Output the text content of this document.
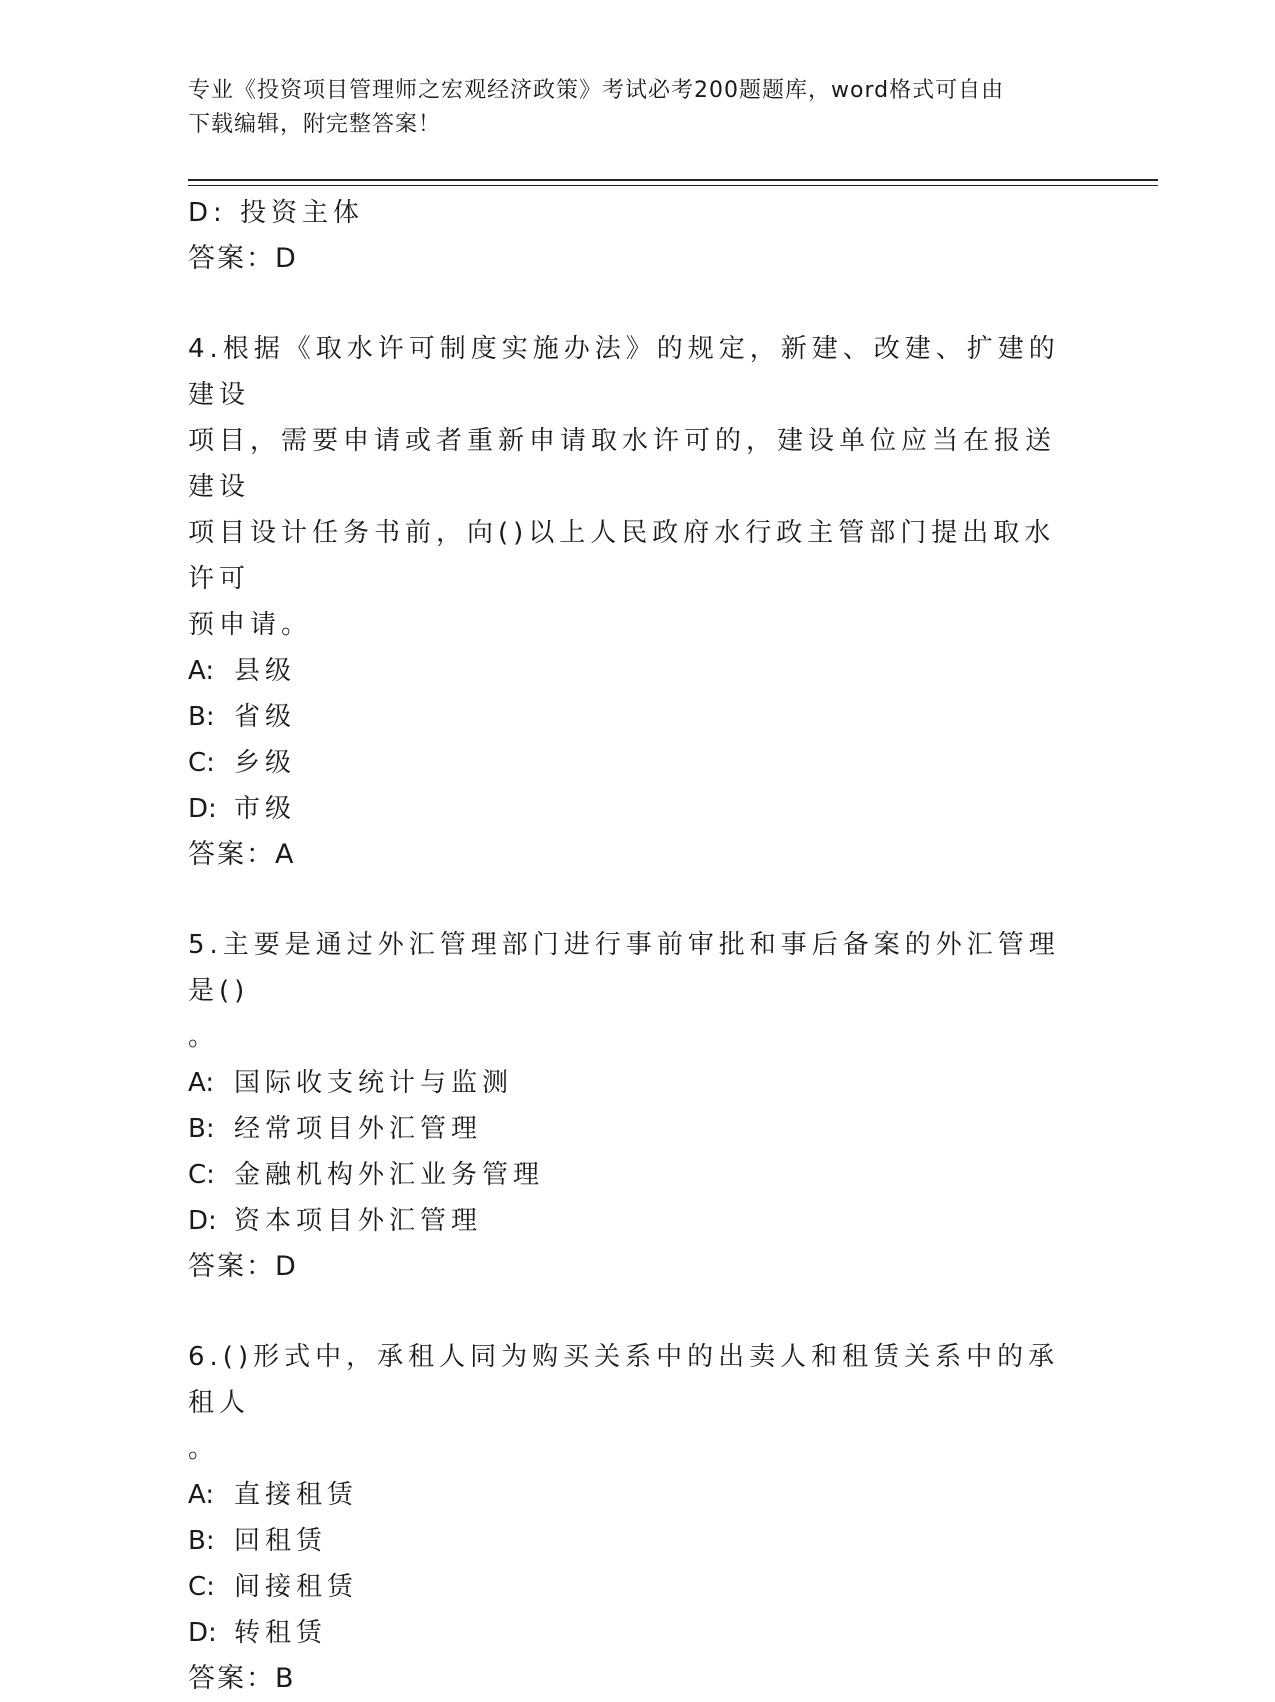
专业《投资项目管理师之宏观经济政策》考试必考200题题库，word格式可自由
下载编辑，附完整答案！
D: 投资主体
答案：D
4.根据《取水许可制度实施办法》的规定，新建、改建、扩建的建设
项目，需要申请或者重新申请取水许可的，建设单位应当在报送建设
项目设计任务书前，向()以上人民政府水行政主管部门提出取水许可
预申请。
A: 县级
B: 省级
C: 乡级
D: 市级
答案：A
5.主要是通过外汇管理部门进行事前审批和事后备案的外汇管理是()
。
A: 国际收支统计与监测
B: 经常项目外汇管理
C: 金融机构外汇业务管理
D: 资本项目外汇管理
答案：D
6.()形式中，承租人同为购买关系中的出卖人和租赁关系中的承租人
。
A: 直接租赁
B: 回租赁
C: 间接租赁
D: 转租赁
答案：B
